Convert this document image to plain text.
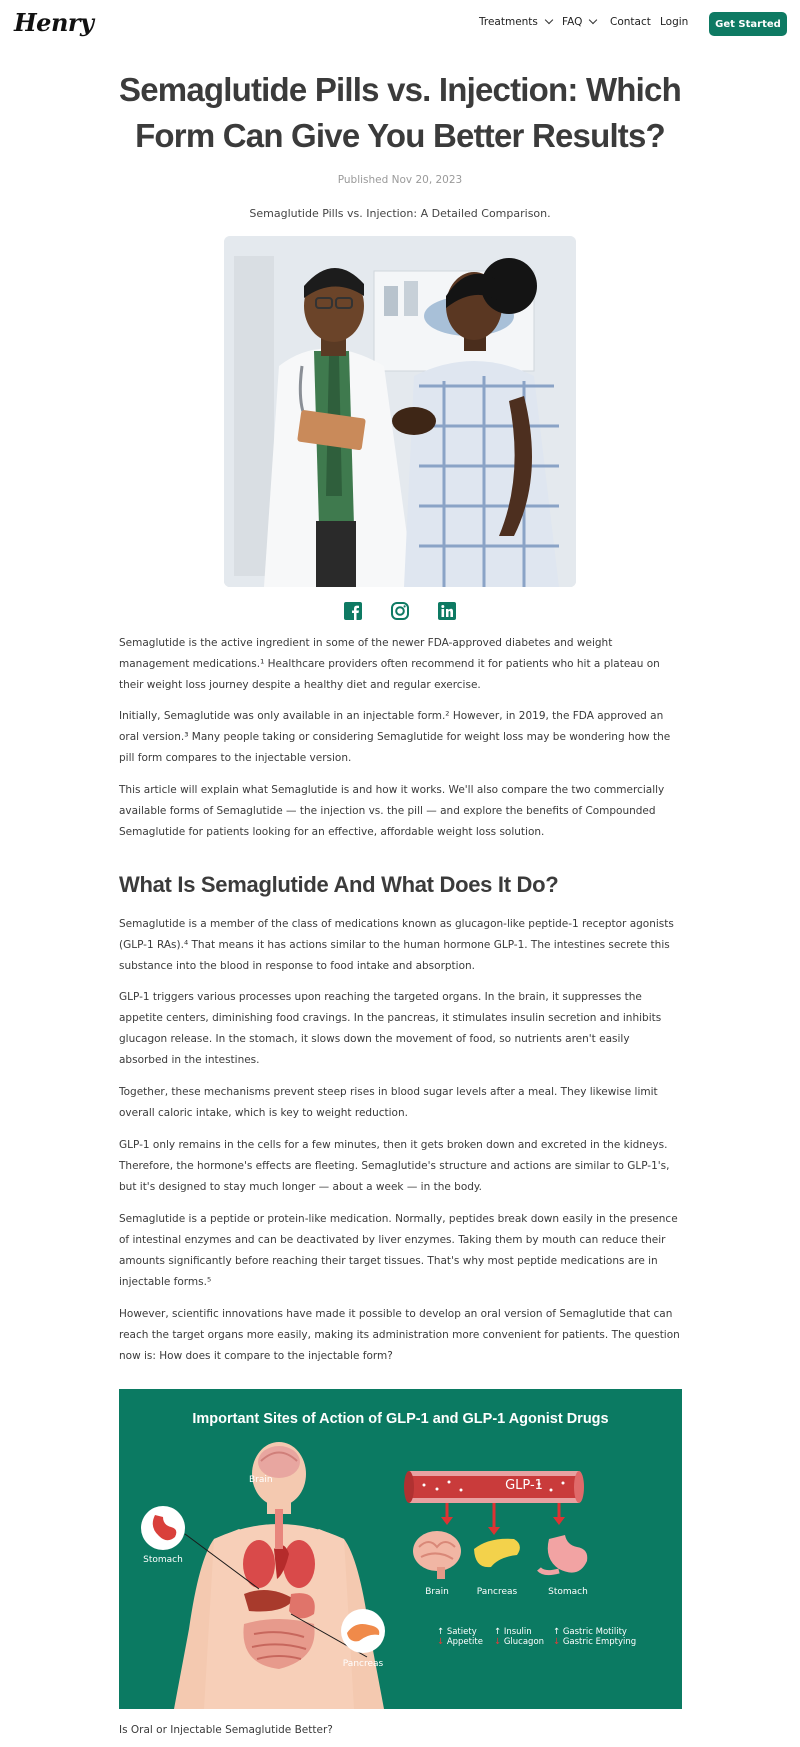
Henry	Treatments FAQ	Contact Login	Get Started
Semaglutide Pills vs. Injection: Which
Form Can Give You Better Results?
Published Nov 20, 2023
Semaglutide Pills vs. Injection: A Detailed Comparison.

Semaglutide is the active ingredient in some of the newer FDA-approved diabetes and weight management medications.¹ Healthcare providers often recommend it for patients who hit a plateau on their weight loss journey despite a healthy diet and regular exercise.

Initially, Semaglutide was only available in an injectable form.² However, in 2019, the FDA approved an oral version.³ Many people taking or considering Semaglutide for weight loss may be wondering how the pill form compares to the injectable version.

This article will explain what Semaglutide is and how it works. We'll also compare the two commercially available forms of Semaglutide — the injection vs. the pill — and explore the benefits of Compounded Semaglutide for patients looking for an effective, affordable weight loss solution.

What Is Semaglutide And What Does It Do?

Semaglutide is a member of the class of medications known as glucagon-like peptide-1 receptor agonists (GLP-1 RAs).⁴ That means it has actions similar to the human hormone GLP-1. The intestines secrete this substance into the blood in response to food intake and absorption.

GLP-1 triggers various processes upon reaching the targeted organs. In the brain, it suppresses the appetite centers, diminishing food cravings. In the pancreas, it stimulates insulin secretion and inhibits glucagon release. In the stomach, it slows down the movement of food, so nutrients aren't easily absorbed in the intestines.

Together, these mechanisms prevent steep rises in blood sugar levels after a meal. They likewise limit overall caloric intake, which is key to weight reduction.

GLP-1 only remains in the cells for a few minutes, then it gets broken down and excreted in the kidneys. Therefore, the hormone's effects are fleeting. Semaglutide's structure and actions are similar to GLP-1's, but it's designed to stay much longer — about a week — in the body.

Semaglutide is a peptide or protein-like medication. Normally, peptides break down easily in the presence of intestinal enzymes and can be deactivated by liver enzymes. Taking them by mouth can reduce their amounts significantly before reaching their target tissues. That's why most peptide medications are in injectable forms.⁵

However, scientific innovations have made it possible to develop an oral version of Semaglutide that can reach the target organs more easily, making its administration more convenient for patients. The question now is: How does it compare to the injectable form?

Important Sites of Action of GLP-1 and GLP-1 Agonist Drugs
Brain
Stomach
Pancreas
GLP-1
Brain	Pancreas	Stomach
↑ Satiety
↓ Appetite
↑ Insulin
↓ Glucagon
↑ Gastric Motility
↓ Gastric Emptying
Is Oral or Injectable Semaglutide Better?
